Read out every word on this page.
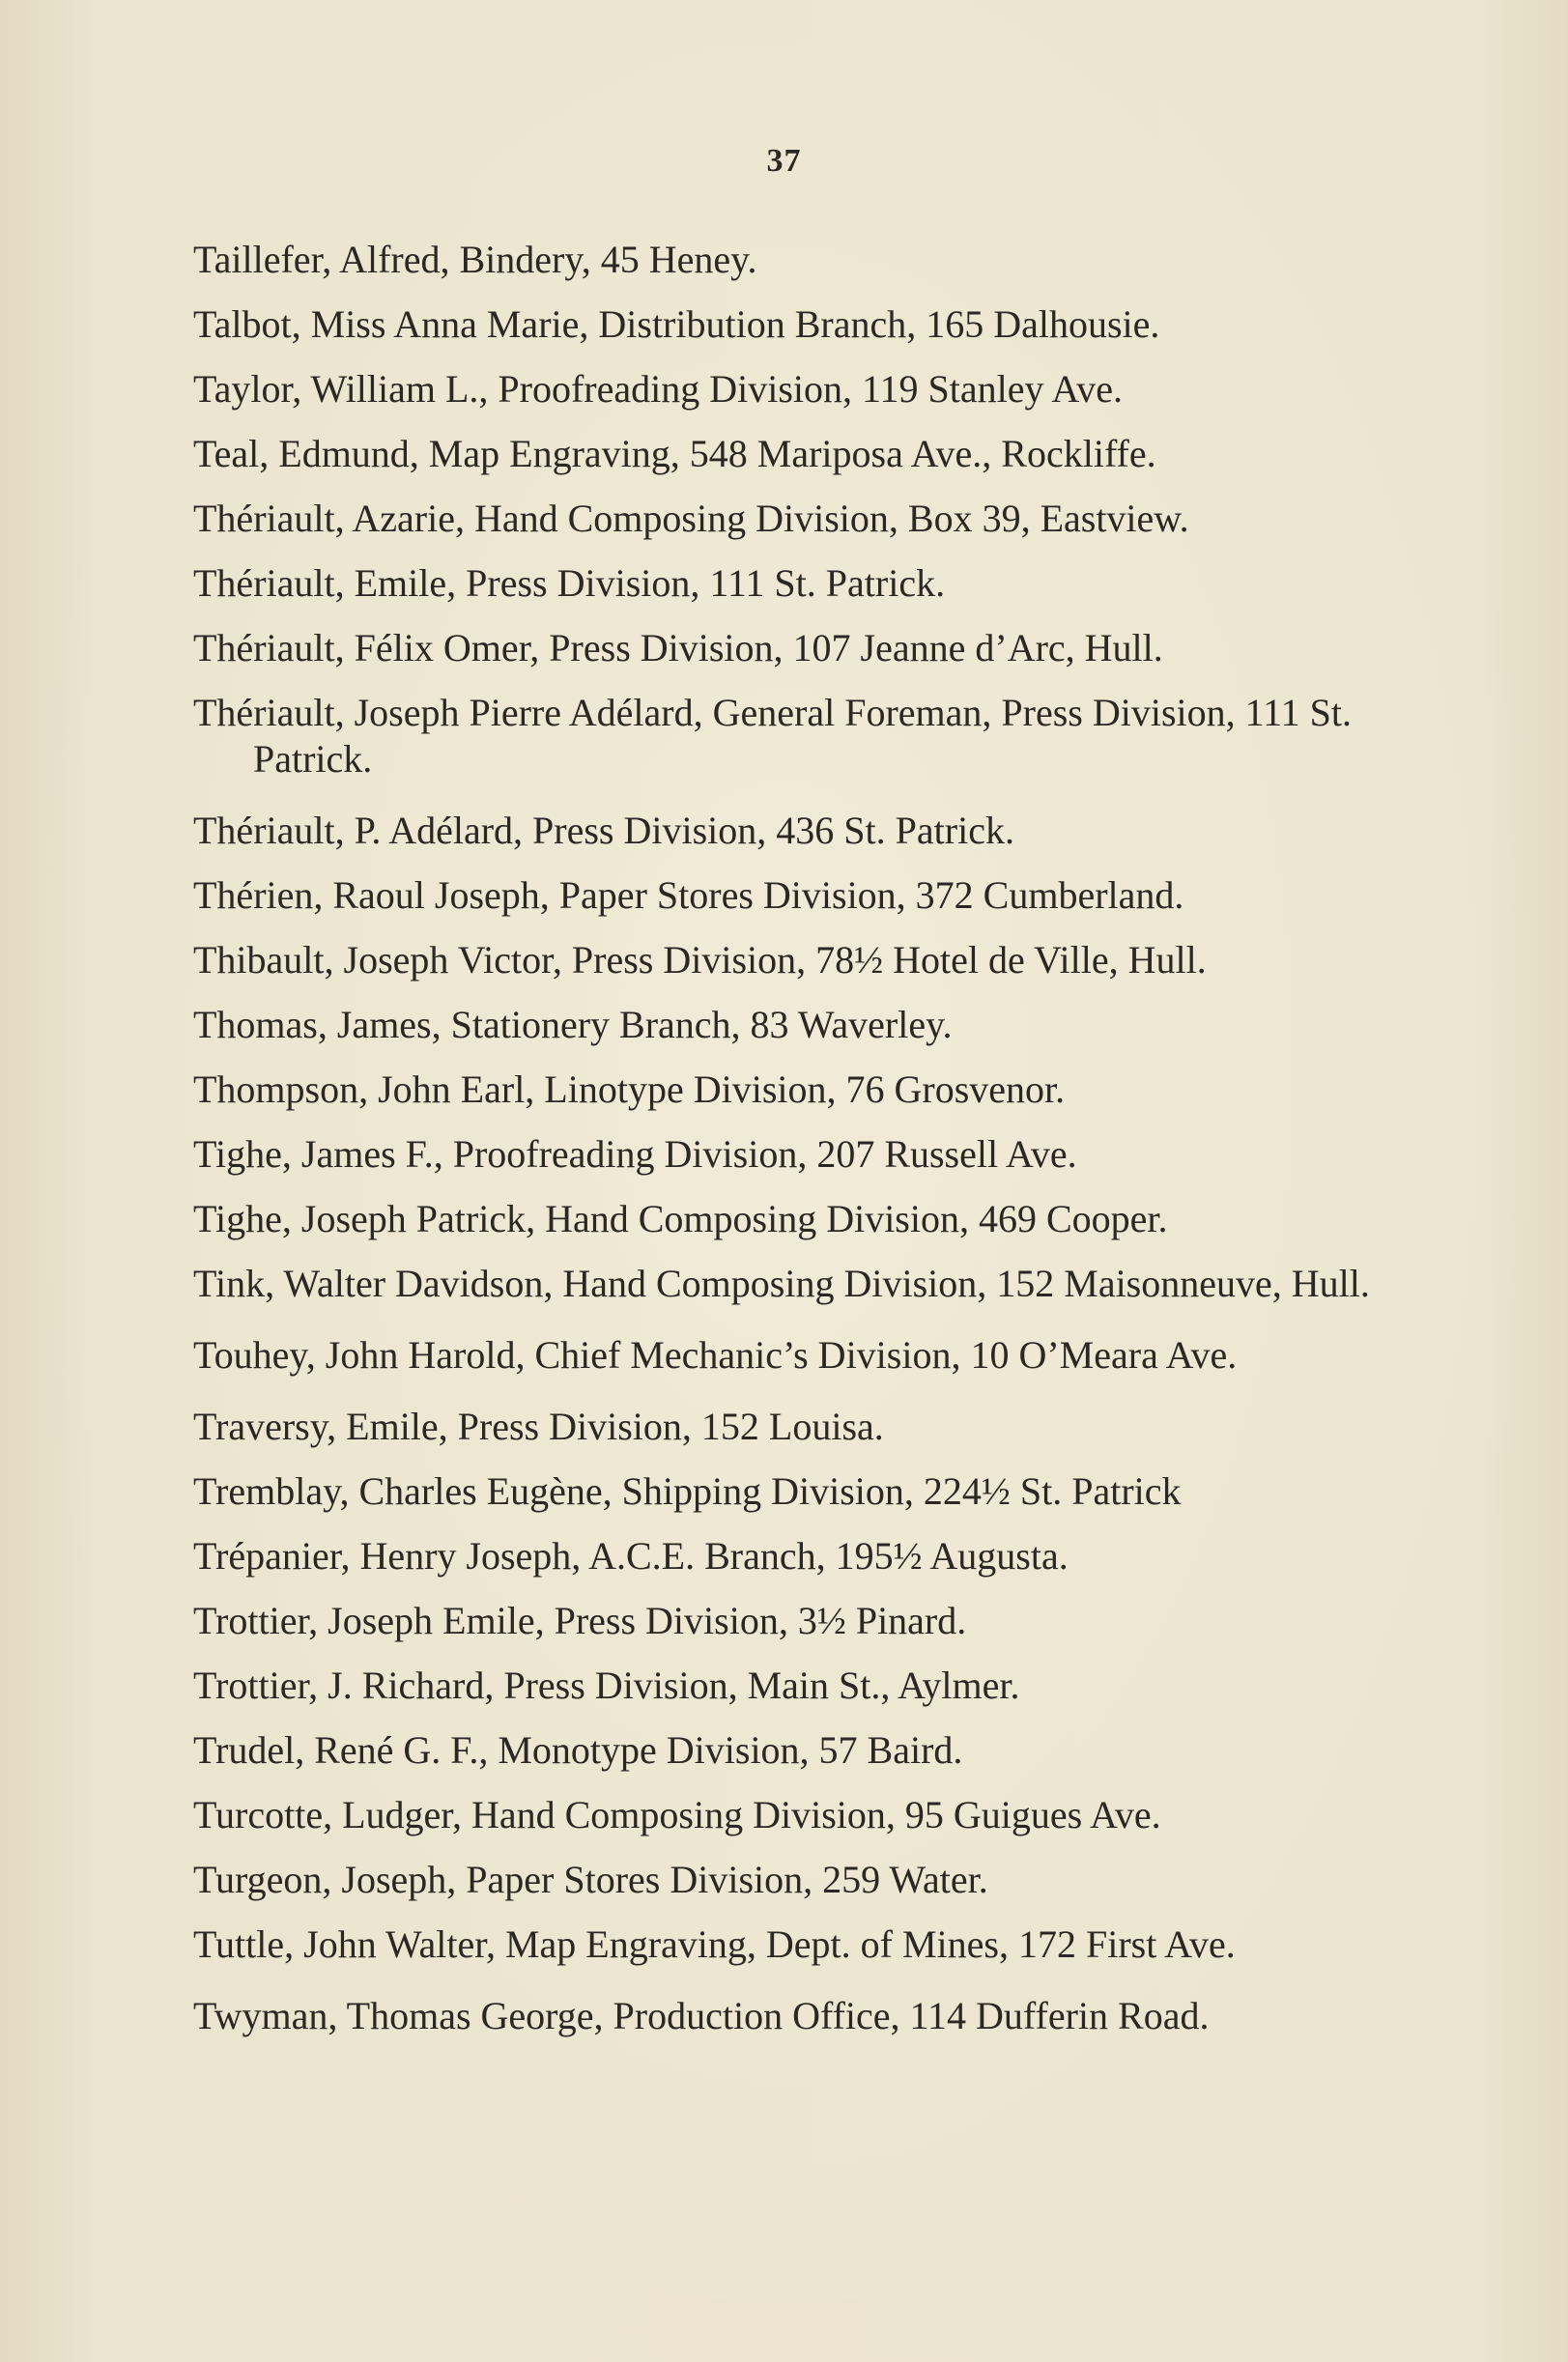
37
Taillefer, Alfred, Bindery, 45 Heney.
Talbot, Miss Anna Marie, Distribution Branch, 165 Dalhousie.
Taylor, William L., Proofreading Division, 119 Stanley Ave.
Teal, Edmund, Map Engraving, 548 Mariposa Ave., Rockliffe.
Thériault, Azarie, Hand Composing Division, Box 39, Eastview.
Thériault, Emile, Press Division, 111 St. Patrick.
Thériault, Félix Omer, Press Division, 107 Jeanne d’Arc, Hull.
Thériault, Joseph Pierre Adélard, General Foreman, Press Division, 111 St. Patrick.
Thériault, P. Adélard, Press Division, 436 St. Patrick.
Thérien, Raoul Joseph, Paper Stores Division, 372 Cumberland.
Thibault, Joseph Victor, Press Division, 78½ Hotel de Ville, Hull.
Thomas, James, Stationery Branch, 83 Waverley.
Thompson, John Earl, Linotype Division, 76 Grosvenor.
Tighe, James F., Proofreading Division, 207 Russell Ave.
Tighe, Joseph Patrick, Hand Composing Division, 469 Cooper.
Tink, Walter Davidson, Hand Composing Division, 152 Maisonneuve, Hull.
Touhey, John Harold, Chief Mechanic’s Division, 10 O’Meara Ave.
Traversy, Emile, Press Division, 152 Louisa.
Tremblay, Charles Eugène, Shipping Division, 224½ St. Patrick
Trépanier, Henry Joseph, A.C.E. Branch, 195½ Augusta.
Trottier, Joseph Emile, Press Division, 3½ Pinard.
Trottier, J. Richard, Press Division, Main St., Aylmer.
Trudel, René G. F., Monotype Division, 57 Baird.
Turcotte, Ludger, Hand Composing Division, 95 Guigues Ave.
Turgeon, Joseph, Paper Stores Division, 259 Water.
Tuttle, John Walter, Map Engraving, Dept. of Mines, 172 First Ave.
Twyman, Thomas George, Production Office, 114 Dufferin Road.
